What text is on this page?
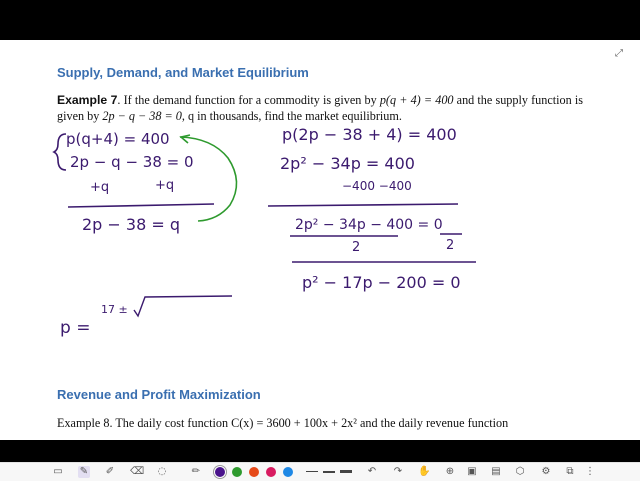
⤢
Supply, Demand, and Market Equilibrium
Example 7. If the demand function for a commodity is given by p(q + 4) = 400 and the supply function is given by 2p − q − 38 = 0, q in thousands, find the market equilibrium.
p(q+4) = 400
2p − q − 38 = 0
+q	+q
2p − 38 = q
p =
17 ±
p(2p − 38 + 4) = 400
2p² − 34p = 400
−400 −400
2p² − 34p − 400 = 0
2	2
p² − 17p − 200 = 0
Revenue and Profit Maximization
Example 8. The daily cost function C(x) = 3600 + 100x + 2x² and the daily revenue function
▭ ✎ ✐ ⌫ ◌	✏	↶ ↷ ✋ ⊕ ▣ ▤ ⬡ ⚙ ⧉ ⋮
